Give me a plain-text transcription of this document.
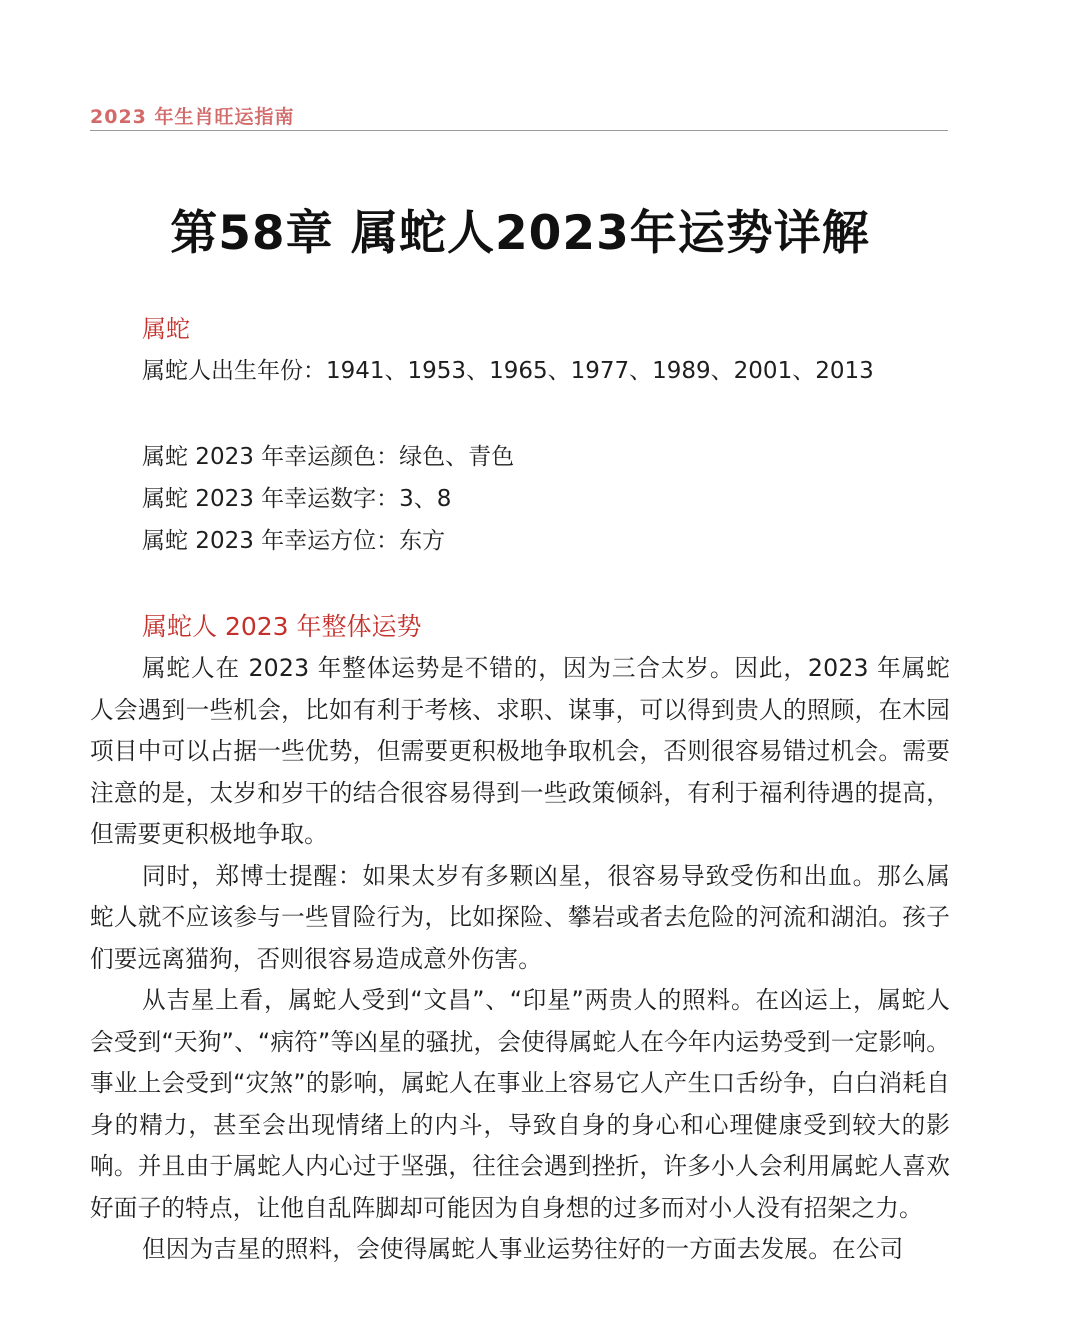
2023 年生肖旺运指南
第58章 属蛇人2023年运势详解
属蛇
属蛇人出生年份：1941、1953、1965、1977、1989、2001、2013
属蛇 2023 年幸运颜色：绿色、青色
属蛇 2023 年幸运数字：3、8
属蛇 2023 年幸运方位：东方
属蛇人 2023 年整体运势

属蛇人在 2023 年整体运势是不错的，因为三合太岁。因此，2023 年属蛇人会遇到一些机会，比如有利于考核、求职、谋事，可以得到贵人的照顾，在木园项目中可以占据一些优势，但需要更积极地争取机会，否则很容易错过机会。需要注意的是，太岁和岁干的结合很容易得到一些政策倾斜，有利于福利待遇的提高，但需要更积极地争取。

同时，郑博士提醒：如果太岁有多颗凶星，很容易导致受伤和出血。那么属蛇人就不应该参与一些冒险行为，比如探险、攀岩或者去危险的河流和湖泊。孩子们要远离猫狗，否则很容易造成意外伤害。

从吉星上看，属蛇人受到“文昌”、“印星”两贵人的照料。在凶运上，属蛇人会受到“天狗”、“病符”等凶星的骚扰，会使得属蛇人在今年内运势受到一定影响。事业上会受到“灾煞”的影响，属蛇人在事业上容易它人产生口舌纷争，白白消耗自身的精力，甚至会出现情绪上的内斗，导致自身的身心和心理健康受到较大的影响。并且由于属蛇人内心过于坚强，往往会遇到挫折，许多小人会利用属蛇人喜欢好面子的特点，让他自乱阵脚却可能因为自身想的过多而对小人没有招架之力。

但因为吉星的照料，会使得属蛇人事业运势往好的一方面去发展。在公司
